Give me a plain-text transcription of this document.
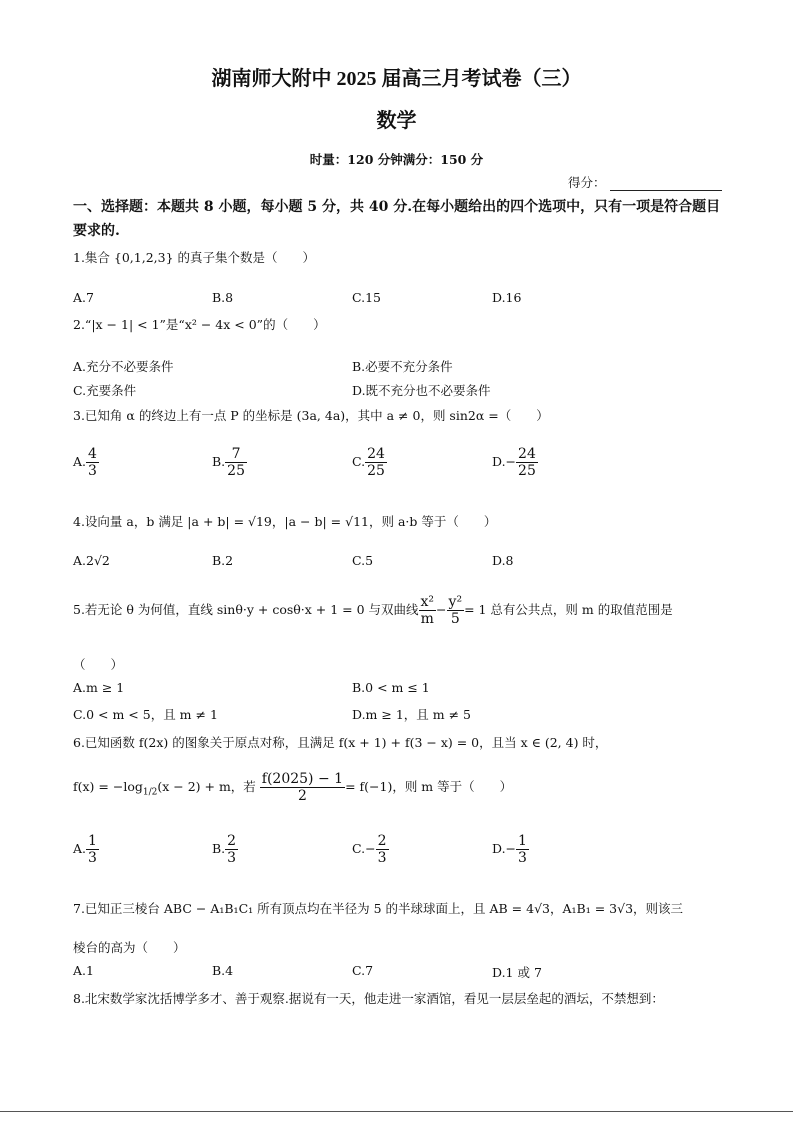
湖南师大附中 2025 届高三月考试卷（三）
数学
时量：120 分钟满分：150 分
得分：
一、选择题：本题共 8 小题，每小题 5 分，共 40 分.在每小题给出的四个选项中，只有一项是符合题目要求的.
1.集合 {0,1,2,3} 的真子集个数是（　　）
A.7	B.8	C.15	D.16
2.“|x − 1| < 1”是“x² − 4x < 0”的（　　）
A.充分不必要条件	B.必要不充分条件
C.充要条件	D.既不充分也不必要条件
3.已知角 α 的终边上有一点 P 的坐标是 (3a, 4a)，其中 a ≠ 0，则 sin2α =（　　）
A. $\frac{4}{3}$	B. $\frac{7}{25}$	C. $\frac{24}{25}$	$D.- \frac{24}{25}$
4.设向量 a，b 满足 |a + b| = √19，|a − b| = √11，则 a·b 等于（　　）
A.2√2	B.2	C.5	D.8
5.若无论 θ 为何值，直线 sinθ·y + cosθ·x + 1 = 0 与双曲线 $\frac{\text{x²}}{m} - \frac{\text{y²}}{5} = 1$ 总有公共点，则 m 的取值范围是
（　　）
A.m ≥ 1	B.0 < m ≤ 1
C.0 < m < 5，且 m ≠ 1	D.m ≥ 1，且 m ≠ 5
6.已知函数 f(2x) 的图象关于原点对称，且满足 f(x + 1) + f(3 − x) = 0，且当 x ∈ (2, 4) 时，
$f(x) = -\log_{1/2}(x - 2) + m$，若 $\frac{f(2025) - 1}{2} = f(-1)$，则 m 等于（　　）
A. $\frac{1}{3}$	B. $\frac{2}{3}$	$C.- \frac{2}{3}$	$D.- \frac{1}{3}$
7.已知正三棱台 ABC − A₁B₁C₁ 所有顶点均在半径为 5 的半球球面上，且 AB = 4√3，A₁B₁ = 3√3，则该三
棱台的高为（　　）
A.1	B.4	C.7	D.1 或 7
8.北宋数学家沈括博学多才、善于观察.据说有一天，他走进一家酒馆，看见一层层垒起的酒坛，不禁想到：
